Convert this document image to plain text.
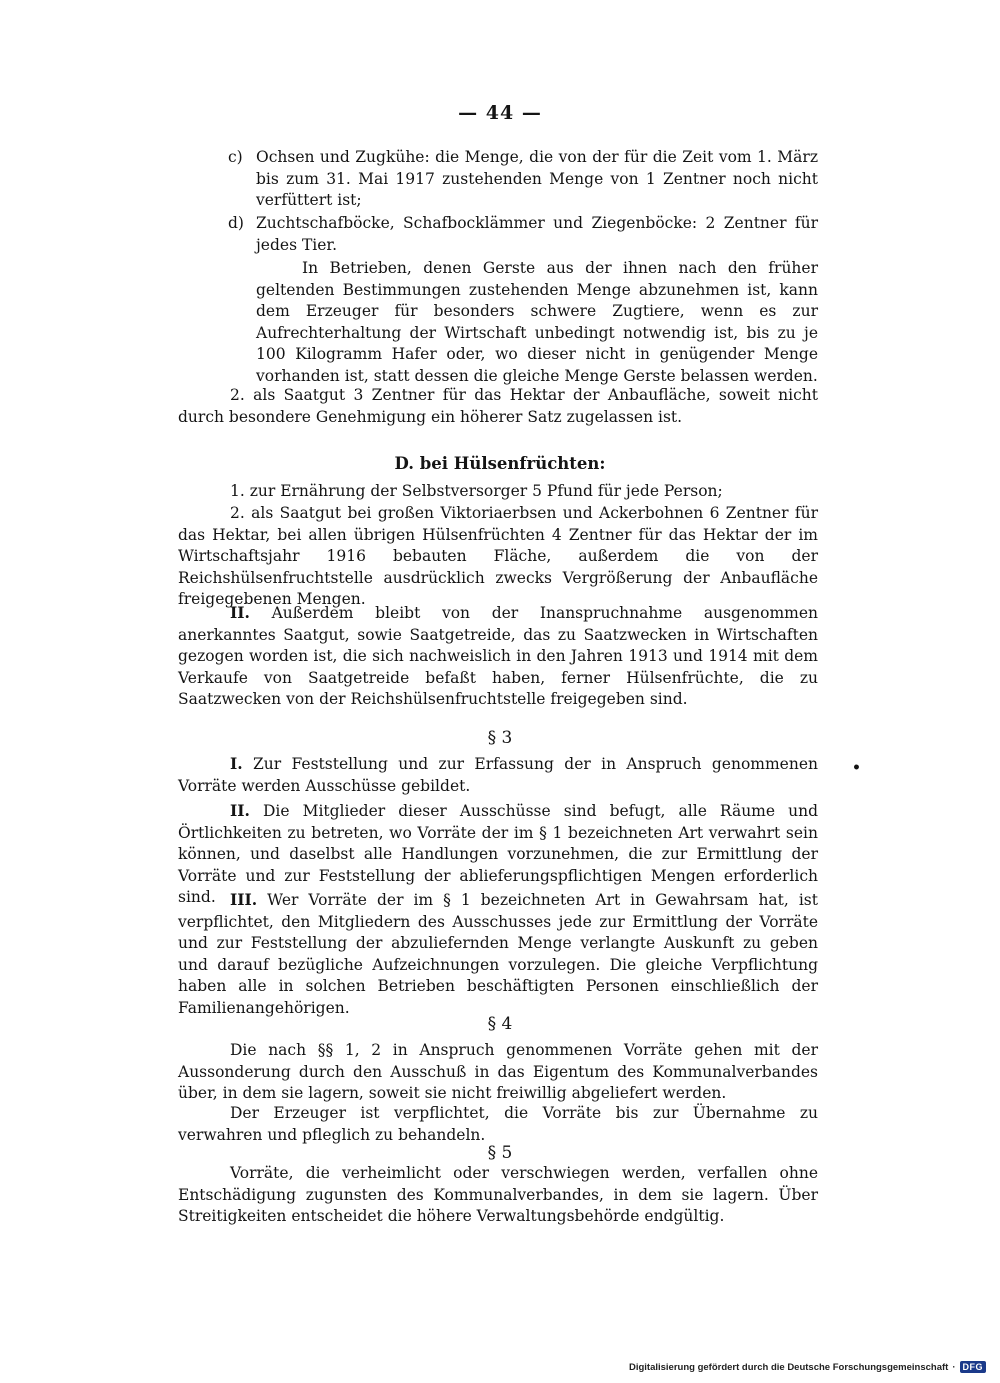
— 44 —
c) Ochsen und Zugkühe: die Menge, die von der für die Zeit vom 1. März bis zum 31. Mai 1917 zustehenden Menge von 1 Zentner noch nicht verfüttert ist;
d) Zuchtschafböcke, Schafbocklämmer und Ziegenböcke: 2 Zentner für jedes Tier.
In Betrieben, denen Gerste aus der ihnen nach den früher geltenden Bestimmungen zustehenden Menge abzunehmen ist, kann dem Erzeuger für besonders schwere Zugtiere, wenn es zur Aufrechterhaltung der Wirtschaft unbedingt notwendig ist, bis zu je 100 Kilogramm Hafer oder, wo dieser nicht in genügender Menge vorhanden ist, statt dessen die gleiche Menge Gerste belassen werden.
2. als Saatgut 3 Zentner für das Hektar der Anbaufläche, soweit nicht durch besondere Genehmigung ein höherer Satz zugelassen ist.
D. bei Hülsenfrüchten:
1. zur Ernährung der Selbstversorger 5 Pfund für jede Person;
2. als Saatgut bei großen Viktoriaerbsen und Ackerbohnen 6 Zentner für das Hektar, bei allen übrigen Hülsenfrüchten 4 Zentner für das Hektar der im Wirtschaftsjahr 1916 bebauten Fläche, außerdem die von der Reichshülsenfruchtstelle ausdrücklich zwecks Vergrößerung der Anbaufläche freigegebenen Mengen.
II. Außerdem bleibt von der Inanspruchnahme ausgenommen anerkanntes Saatgut, sowie Saatgetreide, das zu Saatzwecken in Wirtschaften gezogen worden ist, die sich nachweislich in den Jahren 1913 und 1914 mit dem Verkaufe von Saatgetreide befaßt haben, ferner Hülsenfrüchte, die zu Saatzwecken von der Reichshülsenfruchtstelle freigegeben sind.
§ 3
I. Zur Feststellung und zur Erfassung der in Anspruch genommenen Vorräte werden Ausschüsse gebildet.
•
II. Die Mitglieder dieser Ausschüsse sind befugt, alle Räume und Örtlichkeiten zu betreten, wo Vorräte der im § 1 bezeichneten Art verwahrt sein können, und daselbst alle Handlungen vorzunehmen, die zur Ermittlung der Vorräte und zur Feststellung der ablieferungspflichtigen Mengen erforderlich sind. III. Wer Vorräte der im § 1 bezeichneten Art in Gewahrsam hat, ist verpflichtet, den Mitgliedern des Ausschusses jede zur Ermittlung der Vorräte und zur Feststellung der abzuliefernden Menge verlangte Auskunft zu geben und darauf bezügliche Aufzeichnungen vorzulegen. Die gleiche Verpflichtung haben alle in solchen Betrieben beschäftigten Personen einschließlich der Familienangehörigen.
§ 4
Die nach §§ 1, 2 in Anspruch genommenen Vorräte gehen mit der Aussonderung durch den Ausschuß in das Eigentum des Kommunalverbandes über, in dem sie lagern, soweit sie nicht freiwillig abgeliefert werden.
Der Erzeuger ist verpflichtet, die Vorräte bis zur Übernahme zu verwahren und pfleglich zu behandeln.
§ 5
Vorräte, die verheimlicht oder verschwiegen werden, verfallen ohne Entschädigung zugunsten des Kommunalverbandes, in dem sie lagern. Über Streitigkeiten entscheidet die höhere Verwaltungsbehörde endgültig.
Digitalisierung gefördert durch die Deutsche Forschungsgemeinschaft · DFG
